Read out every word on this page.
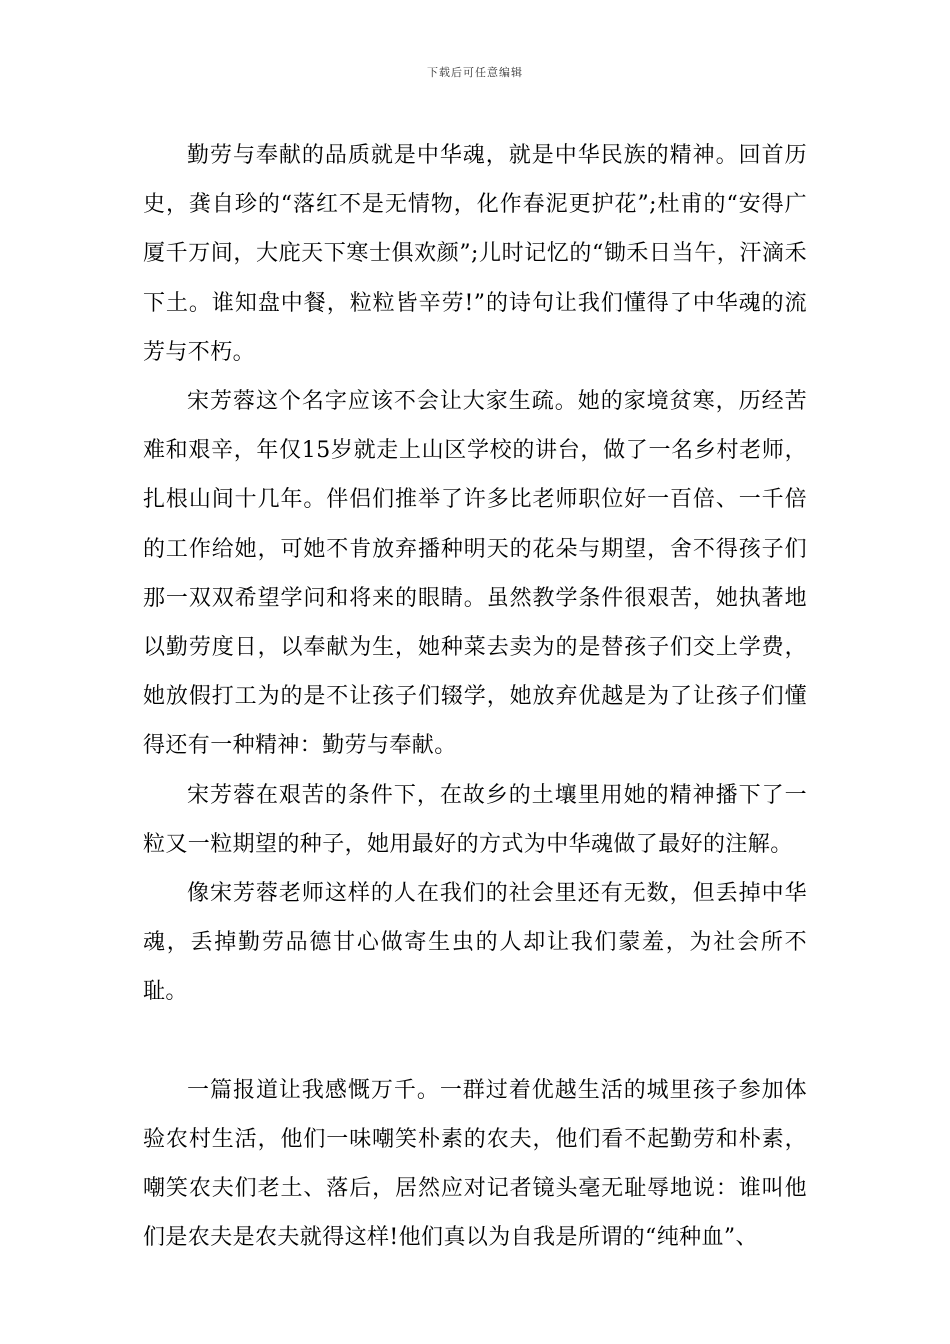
下载后可任意编辑

勤劳与奉献的品质就是中华魂，就是中华民族的精神。回首历史，龚自珍的“落红不是无情物，化作春泥更护花”;杜甫的“安得广厦千万间，大庇天下寒士俱欢颜”;儿时记忆的“锄禾日当午，汗滴禾下土。谁知盘中餐，粒粒皆辛劳!”的诗句让我们懂得了中华魂的流芳与不朽。

宋芳蓉这个名字应该不会让大家生疏。她的家境贫寒，历经苦难和艰辛，年仅15岁就走上山区学校的讲台，做了一名乡村老师，扎根山间十几年。伴侣们推举了许多比老师职位好一百倍、一千倍的工作给她，可她不肯放弃播种明天的花朵与期望，舍不得孩子们那一双双希望学问和将来的眼睛。虽然教学条件很艰苦，她执著地以勤劳度日，以奉献为生，她种菜去卖为的是替孩子们交上学费，她放假打工为的是不让孩子们辍学，她放弃优越是为了让孩子们懂得还有一种精神：勤劳与奉献。

宋芳蓉在艰苦的条件下，在故乡的土壤里用她的精神播下了一粒又一粒期望的种子，她用最好的方式为中华魂做了最好的注解。

像宋芳蓉老师这样的人在我们的社会里还有无数，但丢掉中华魂，丢掉勤劳品德甘心做寄生虫的人却让我们蒙羞，为社会所不耻。

一篇报道让我感慨万千。一群过着优越生活的城里孩子参加体验农村生活，他们一味嘲笑朴素的农夫，他们看不起勤劳和朴素，嘲笑农夫们老土、落后，居然应对记者镜头毫无耻辱地说：谁叫他们是农夫是农夫就得这样!他们真以为自我是所谓的“纯种血”、
